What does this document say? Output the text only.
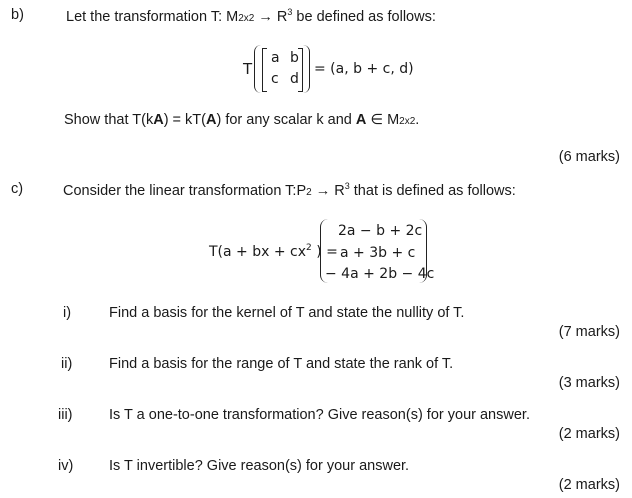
b)	Let the transformation T: $M2x2 \to R^3$ be defined as follows:
T
a b
c d
= (a, b + c, d)
Show that T(kA) = kT(A) for any scalar k and A ∈ M2x2.
(6 marks)
c)	Consider the linear transformation T:P2 → $R^3$ that is defined as follows:
T(a + bx + $cx^2$ ) =
2a − b + 2c
a + 3b + c
− 4a + 2b − 4c
i)	Find a basis for the kernel of T and state the nullity of T.
(7 marks)
ii)	Find a basis for the range of T and state the rank of T.
(3 marks)
iii)	Is T a one-to-one transformation? Give reason(s) for your answer.
(2 marks)
iv) Is T invertible? Give reason(s) for your answer.
(2 marks)
